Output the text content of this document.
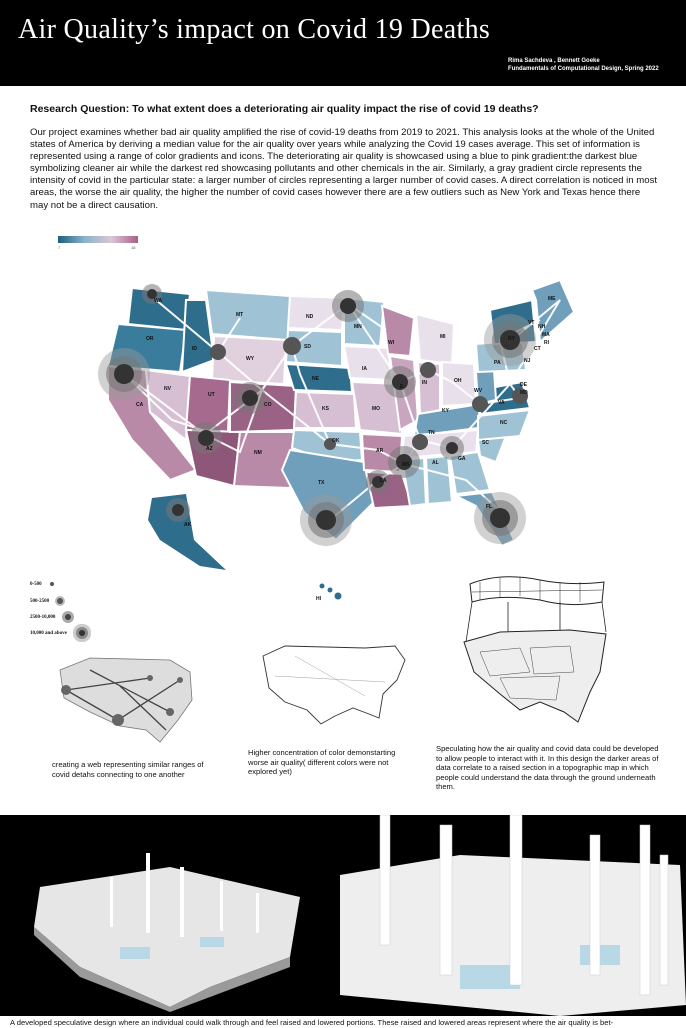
Air Quality’s impact on Covid 19 Deaths
Rima Sachdeva , Bennett Goeke
Fundamentals of Computational Design, Spring 2022
Research Question: To what extent does a deteriorating air quality impact the rise of covid 19 deaths?
Our project examines whether bad air quality amplified the rise of covid-19 deaths from 2019 to 2021. This analysis looks at the whole of the United states of America by deriving a median value for the air quality over years while analyzing the Covid 19 cases average. This set of information is represented using a range of color gradients and icons. The deteriorating air quality is showcased using a blue to pink gradient:the darkest blue symbolizing cleaner air while the darkest red showcasing pollutants and other chemicals in the air. Similarly, a gray gradient circle represents the intensity of covid in the particular state: a larger number of circles representing a larger number of covid cases. A direct correlation is noticed in most areas, the worse the air quality, the higher the number of covid cases however there are a few outliers such as New York and Texas hence there may not be a direct causation.
7	18
WA
MT	ND
MN
WI
MI	NY
VT
NH
ME
MA
RI
CT
OR
ID
WY
SD
IA
IL
OH
PA	NJ
DE
MD
CA
NV
UT
CO
NE
MO
IN
WV
VA
AZ
NM
KS
OK
AR
KY
TN
NC
SC
MS	AL
GA
TX	LA
FL
AK
HI
0-500
500-2500
2500-10,000
10,000 and above
creating a web representing similar ranges of covid detahs connecting to one another
Higher concentration of color demonstarting worse air quality( different colors were not explored yet)
Speculating how the air quality and covid data could be developed to allow people to interact with it. In this design the darker areas of data correlate to a raised section in a topographic map in which people could understand the data through the ground underneath them.
A developed speculative design where an individual could walk through and feel raised and lowered portions. These raised and lowered areas represent where the air quality is bet-
